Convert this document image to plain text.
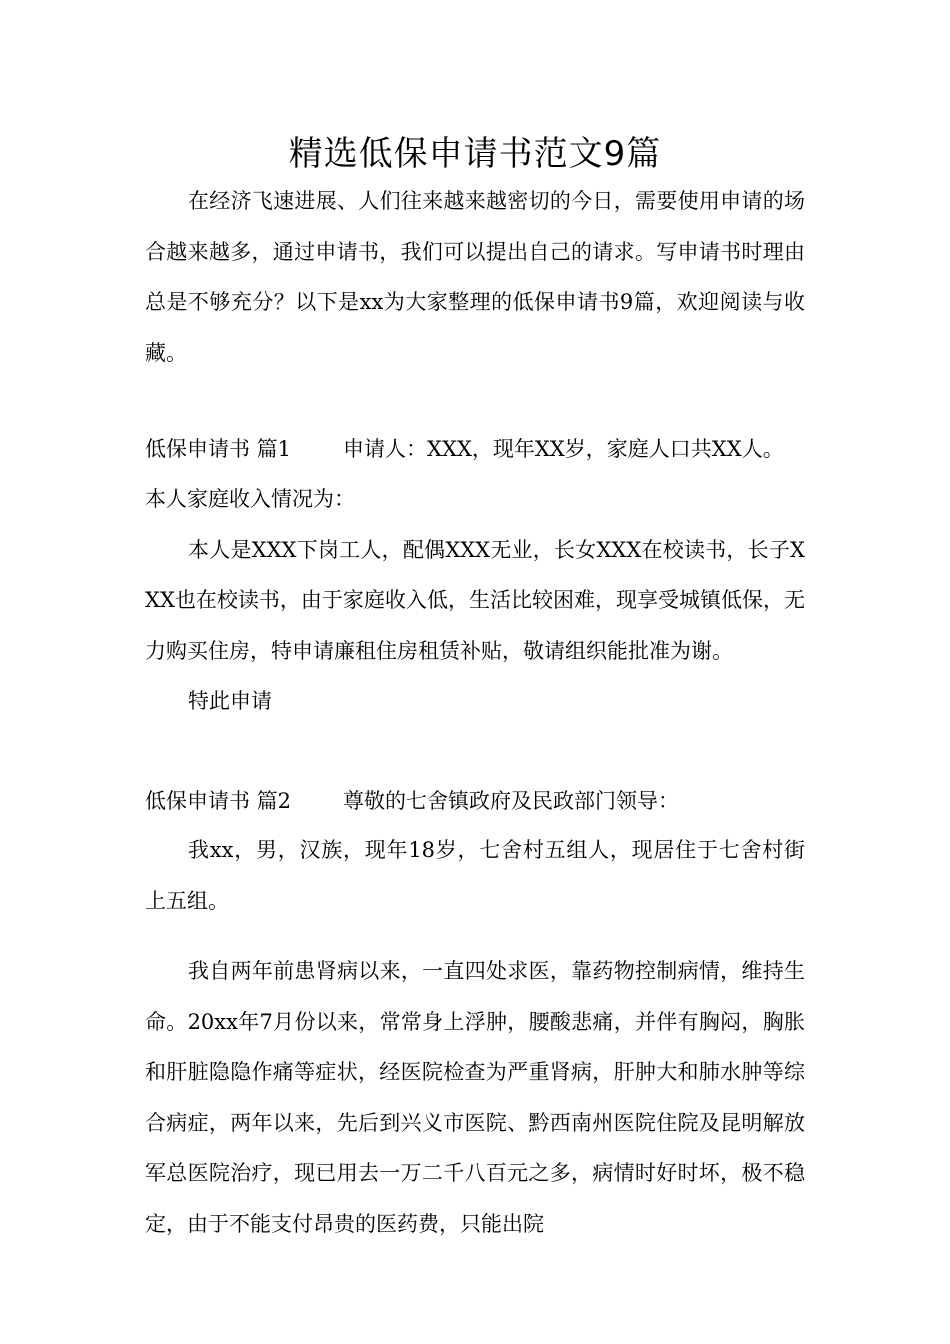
精选低保申请书范文9篇

在经济飞速进展、人们往来越来越密切的今日，需要使用申请的场合越来越多，通过申请书，我们可以提出自己的请求。写申请书时理由总是不够充分？以下是xx为大家整理的低保申请书9篇，欢迎阅读与收藏。

低保申请书 篇1 申请人：XXX，现年XX岁，家庭人口共XX人。

本人家庭收入情况为：

本人是XXX下岗工人，配偶XXX无业，长女XXX在校读书，长子XXX也在校读书，由于家庭收入低，生活比较困难，现享受城镇低保，无力购买住房，特申请廉租住房租赁补贴，敬请组织能批准为谢。

特此申请

低保申请书 篇2 尊敬的七舍镇政府及民政部门领导：

我xx，男，汉族，现年18岁，七舍村五组人，现居住于七舍村街上五组。

我自两年前患肾病以来，一直四处求医，靠药物控制病情，维持生命。20xx年7月份以来，常常身上浮肿，腰酸悲痛，并伴有胸闷，胸胀和肝脏隐隐作痛等症状，经医院检查为严重肾病，肝肿大和肺水肿等综合病症，两年以来，先后到兴义市医院、黔西南州医院住院及昆明解放军总医院治疗，现已用去一万二千八百元之多，病情时好时坏，极不稳定，由于不能支付昂贵的医药费，只能出院
